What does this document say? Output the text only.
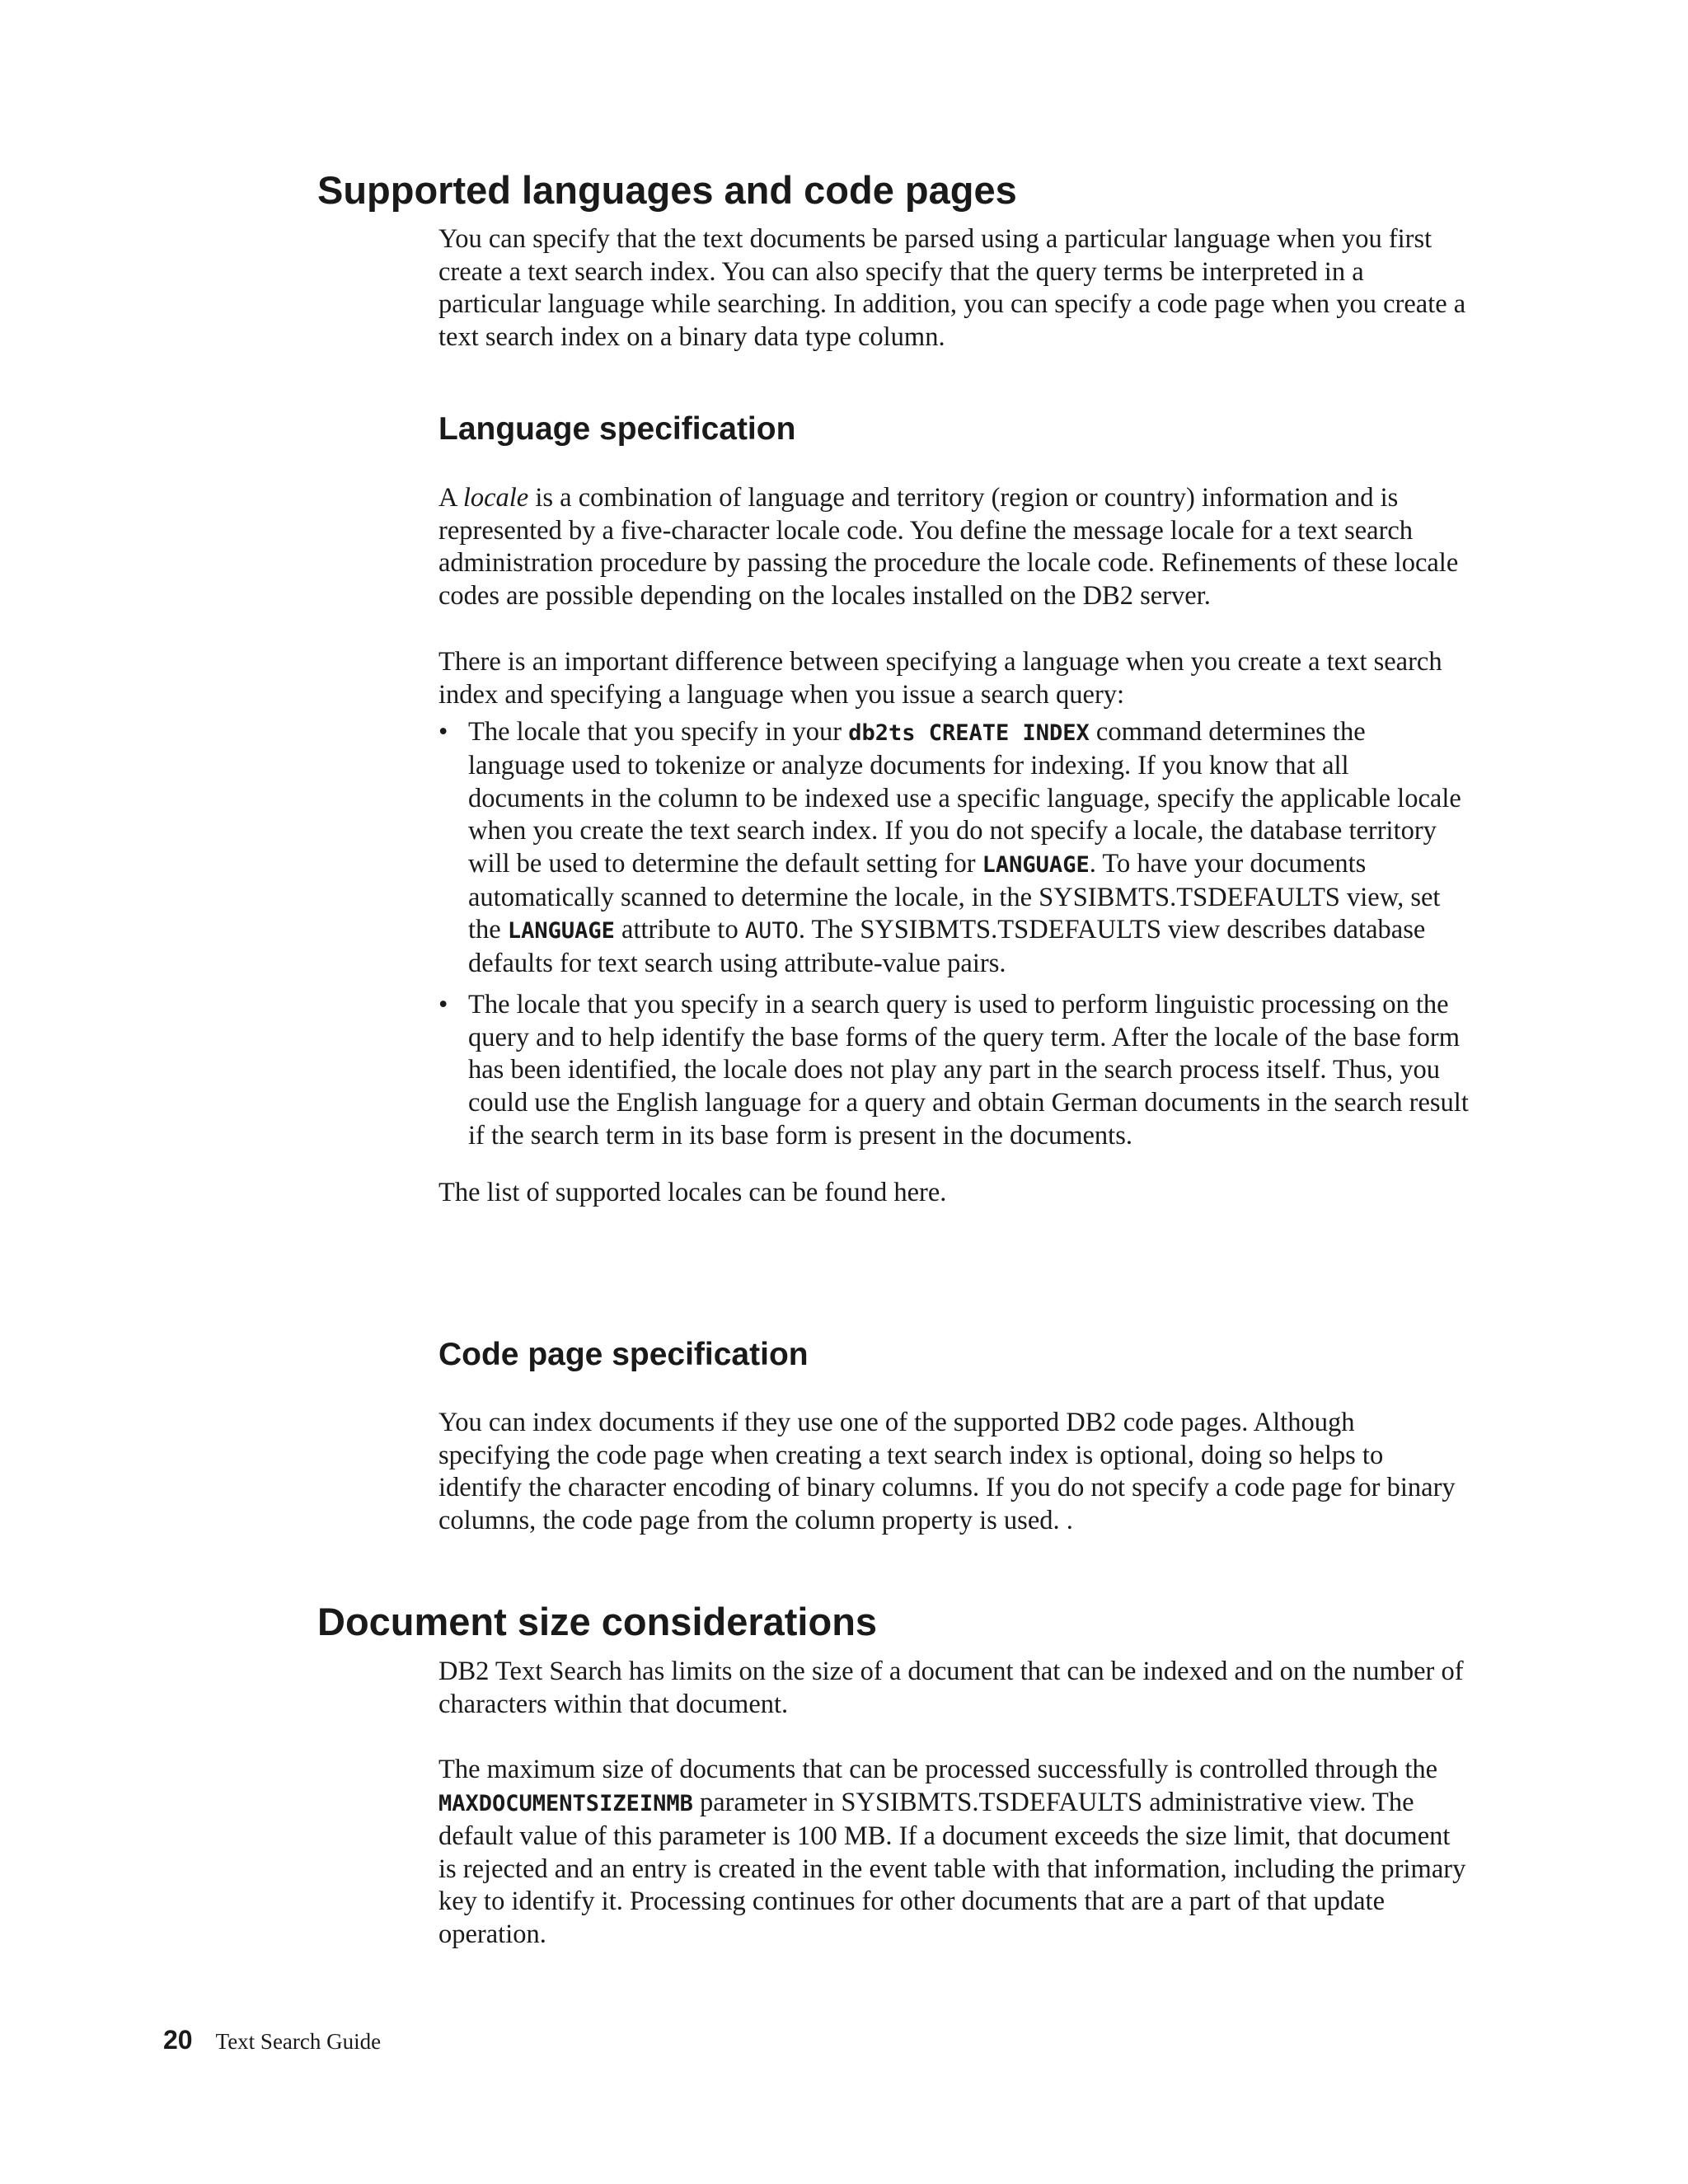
Supported languages and code pages

You can specify that the text documents be parsed using a particular language when you first create a text search index. You can also specify that the query terms be interpreted in a particular language while searching. In addition, you can specify a code page when you create a text search index on a binary data type column.

Language specification

A locale is a combination of language and territory (region or country) information and is represented by a five-character locale code. You define the message locale for a text search administration procedure by passing the procedure the locale code. Refinements of these locale codes are possible depending on the locales installed on the DB2 server.

There is an important difference between specifying a language when you create a text search index and specifying a language when you issue a search query:

• The locale that you specify in your db2ts CREATE INDEX command determines the language used to tokenize or analyze documents for indexing. If you know that all documents in the column to be indexed use a specific language, specify the applicable locale when you create the text search index. If you do not specify a locale, the database territory will be used to determine the default setting for LANGUAGE. To have your documents automatically scanned to determine the locale, in the SYSIBMTS.TSDEFAULTS view, set the LANGUAGE attribute to AUTO. The SYSIBMTS.TSDEFAULTS view describes database defaults for text search using attribute-value pairs.
• The locale that you specify in a search query is used to perform linguistic processing on the query and to help identify the base forms of the query term. After the locale of the base form has been identified, the locale does not play any part in the search process itself. Thus, you could use the English language for a query and obtain German documents in the search result if the search term in its base form is present in the documents.

The list of supported locales can be found here.

Code page specification

You can index documents if they use one of the supported DB2 code pages. Although specifying the code page when creating a text search index is optional, doing so helps to identify the character encoding of binary columns. If you do not specify a code page for binary columns, the code page from the column property is used. .

Document size considerations

DB2 Text Search has limits on the size of a document that can be indexed and on the number of characters within that document.

The maximum size of documents that can be processed successfully is controlled through the MAXDOCUMENTSIZEINMB parameter in SYSIBMTS.TSDEFAULTS administrative view. The default value of this parameter is 100 MB. If a document exceeds the size limit, that document is rejected and an entry is created in the event table with that information, including the primary key to identify it. Processing continues for other documents that are a part of that update operation.

20 Text Search Guide
